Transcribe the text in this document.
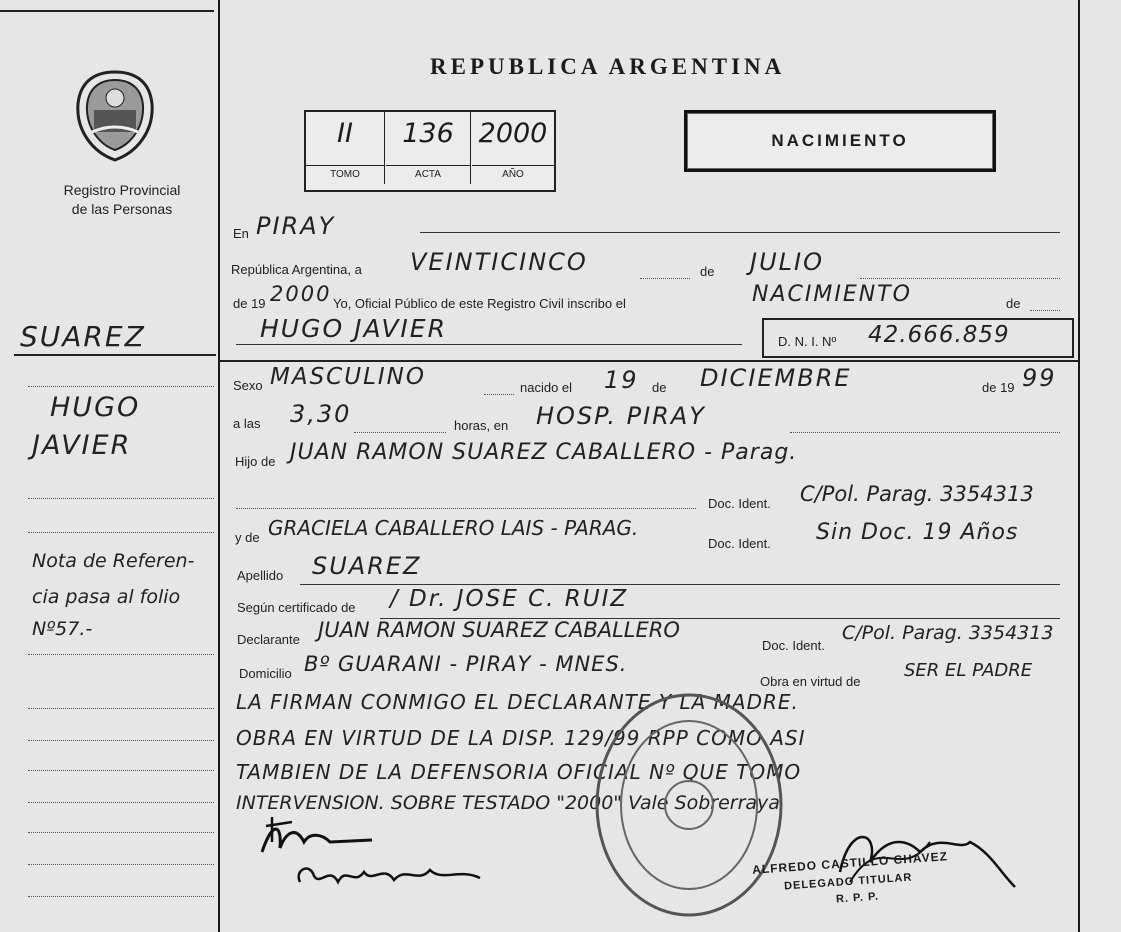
Registro Provincial
de las Personas
SUAREZ
HUGO
JAVIER
Nota de Referen-
cia pasa al folio
Nº57.-
REPUBLICA ARGENTINA
II
TOMO
136
ACTA
2000
AÑO
NACIMIENTO
En PIRAY
República Argentina, a VEINTICINCO	de JULIO
de 19 2000 Yo, Oficial Público de este Registro Civil inscribo el	NACIMIENTO	de
HUGO JAVIER	D. N. I. Nº 42.666.859
Sexo MASCULINO	nacido el 19 de DICIEMBRE	de 19 99
a las 3,30	horas, en HOSP. PIRAY
Hijo de JUAN RAMON SUAREZ CABALLERO - Parag.
Doc. Ident. C/Pol. Parag. 3354313
y de GRACIELA CABALLERO LAIS - PARAG.
Doc. Ident. Sin Doc. 19 Años
Apellido SUAREZ
Según certificado de / Dr. JOSE C. RUIZ
Declarante JUAN RAMON SUAREZ CABALLERO
Doc. Ident.
C/Pol. Parag. 3354313
Domicilio Bº GUARANI - PIRAY - MNES.
Obra en virtud de
SER EL PADRE
LA FIRMAN CONMIGO EL DECLARANTE Y LA MADRE.
OBRA EN VIRTUD DE LA DISP. 129/99 RPP COMO ASI
TAMBIEN DE LA DEFENSORIA OFICIAL Nº QUE TOMO
INTERVENSION. SOBRE TESTADO "2000" Vale Sobrerraya
ALFREDO CASTILLO CHAVEZ
DELEGADO TITULAR
R. P. P.
